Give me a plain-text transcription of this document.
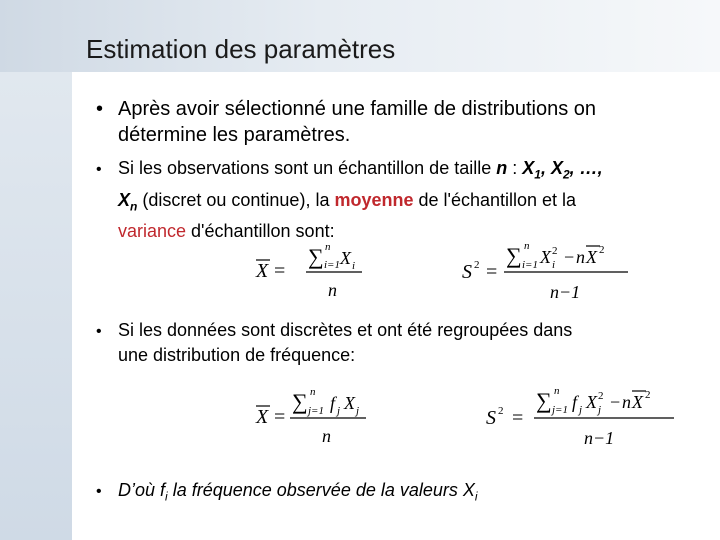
Estimation des paramètres
• Après avoir sélectionné une famille de distributions on
détermine les paramètres.
• Si les observations sont un échantillon de taille n : $X_1$, $X_2$, …,
$X_n$ (discret ou continue), la moyenne de l'échantillon et la
variance d'échantillon sont:
X =
∑ n
i=1 X i
n
S 2 =
∑ n
i=1 X i
2 − n X 2
n−1
• Si les données sont discrètes et ont été regroupées dans
une distribution de fréquence:
X =
∑ n
j=1 f j X j
n
S 2 =
∑ n
j=1 f j X j
2 − n X 2
n−1
• D’où $f_i$ la fréquence observée de la valeurs $X_i$
